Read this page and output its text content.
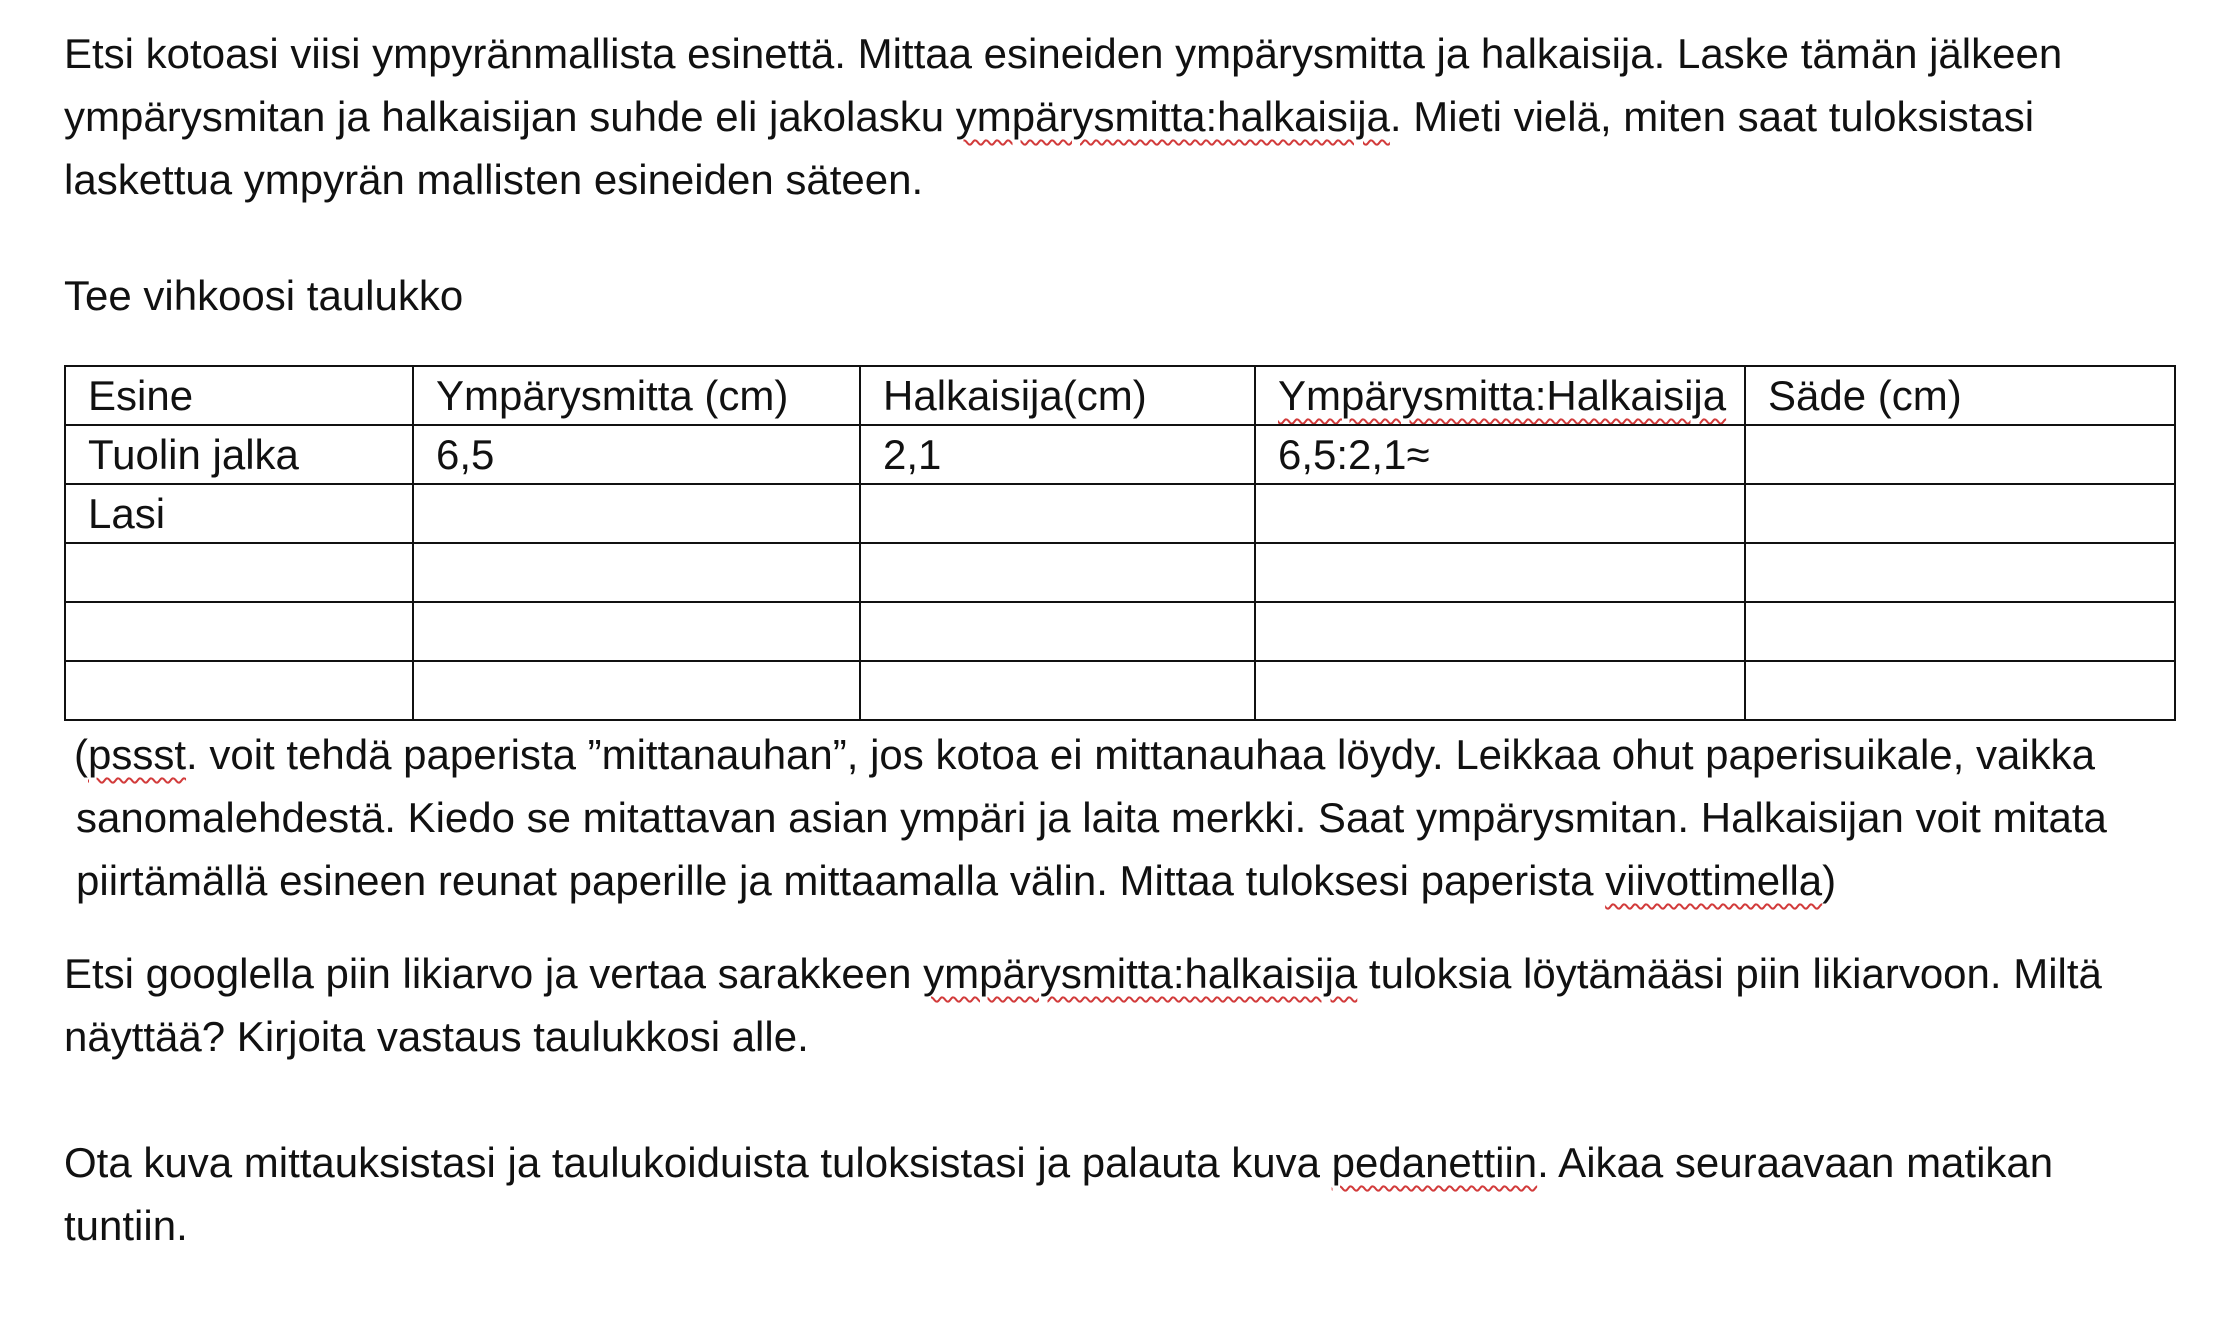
Etsi kotoasi viisi ympyränmallista esinettä. Mittaa esineiden ympärysmitta ja halkaisija. Laske tämän jälkeen ympärysmitan ja halkaisijan suhde eli jakolasku ympärysmitta:halkaisija. Mieti vielä, miten saat tuloksistasi laskettua ympyrän mallisten esineiden säteen.

Tee vihkoosi taulukko

Esine	Ympärysmitta (cm)	Halkaisija(cm)	Ympärysmitta:Halkaisija	Säde (cm)
Tuolin jalka	6,5	2,1	6,5:2,1≈	
Lasi				

(pssst. voit tehdä paperista ”mittanauhan”, jos kotoa ei mittanauhaa löydy. Leikkaa ohut paperisuikale, vaikka sanomalehdestä. Kiedo se mitattavan asian ympäri ja laita merkki. Saat ympärysmitan. Halkaisijan voit mitata piirtämällä esineen reunat paperille ja mittaamalla välin. Mittaa tuloksesi paperista viivottimella)

Etsi googlella piin likiarvo ja vertaa sarakkeen ympärysmitta:halkaisija tuloksia löytämääsi piin likiarvoon. Miltä näyttää? Kirjoita vastaus taulukkosi alle.

Ota kuva mittauksistasi ja taulukoiduista tuloksistasi ja palauta kuva pedanettiin. Aikaa seuraavaan matikan tuntiin.
